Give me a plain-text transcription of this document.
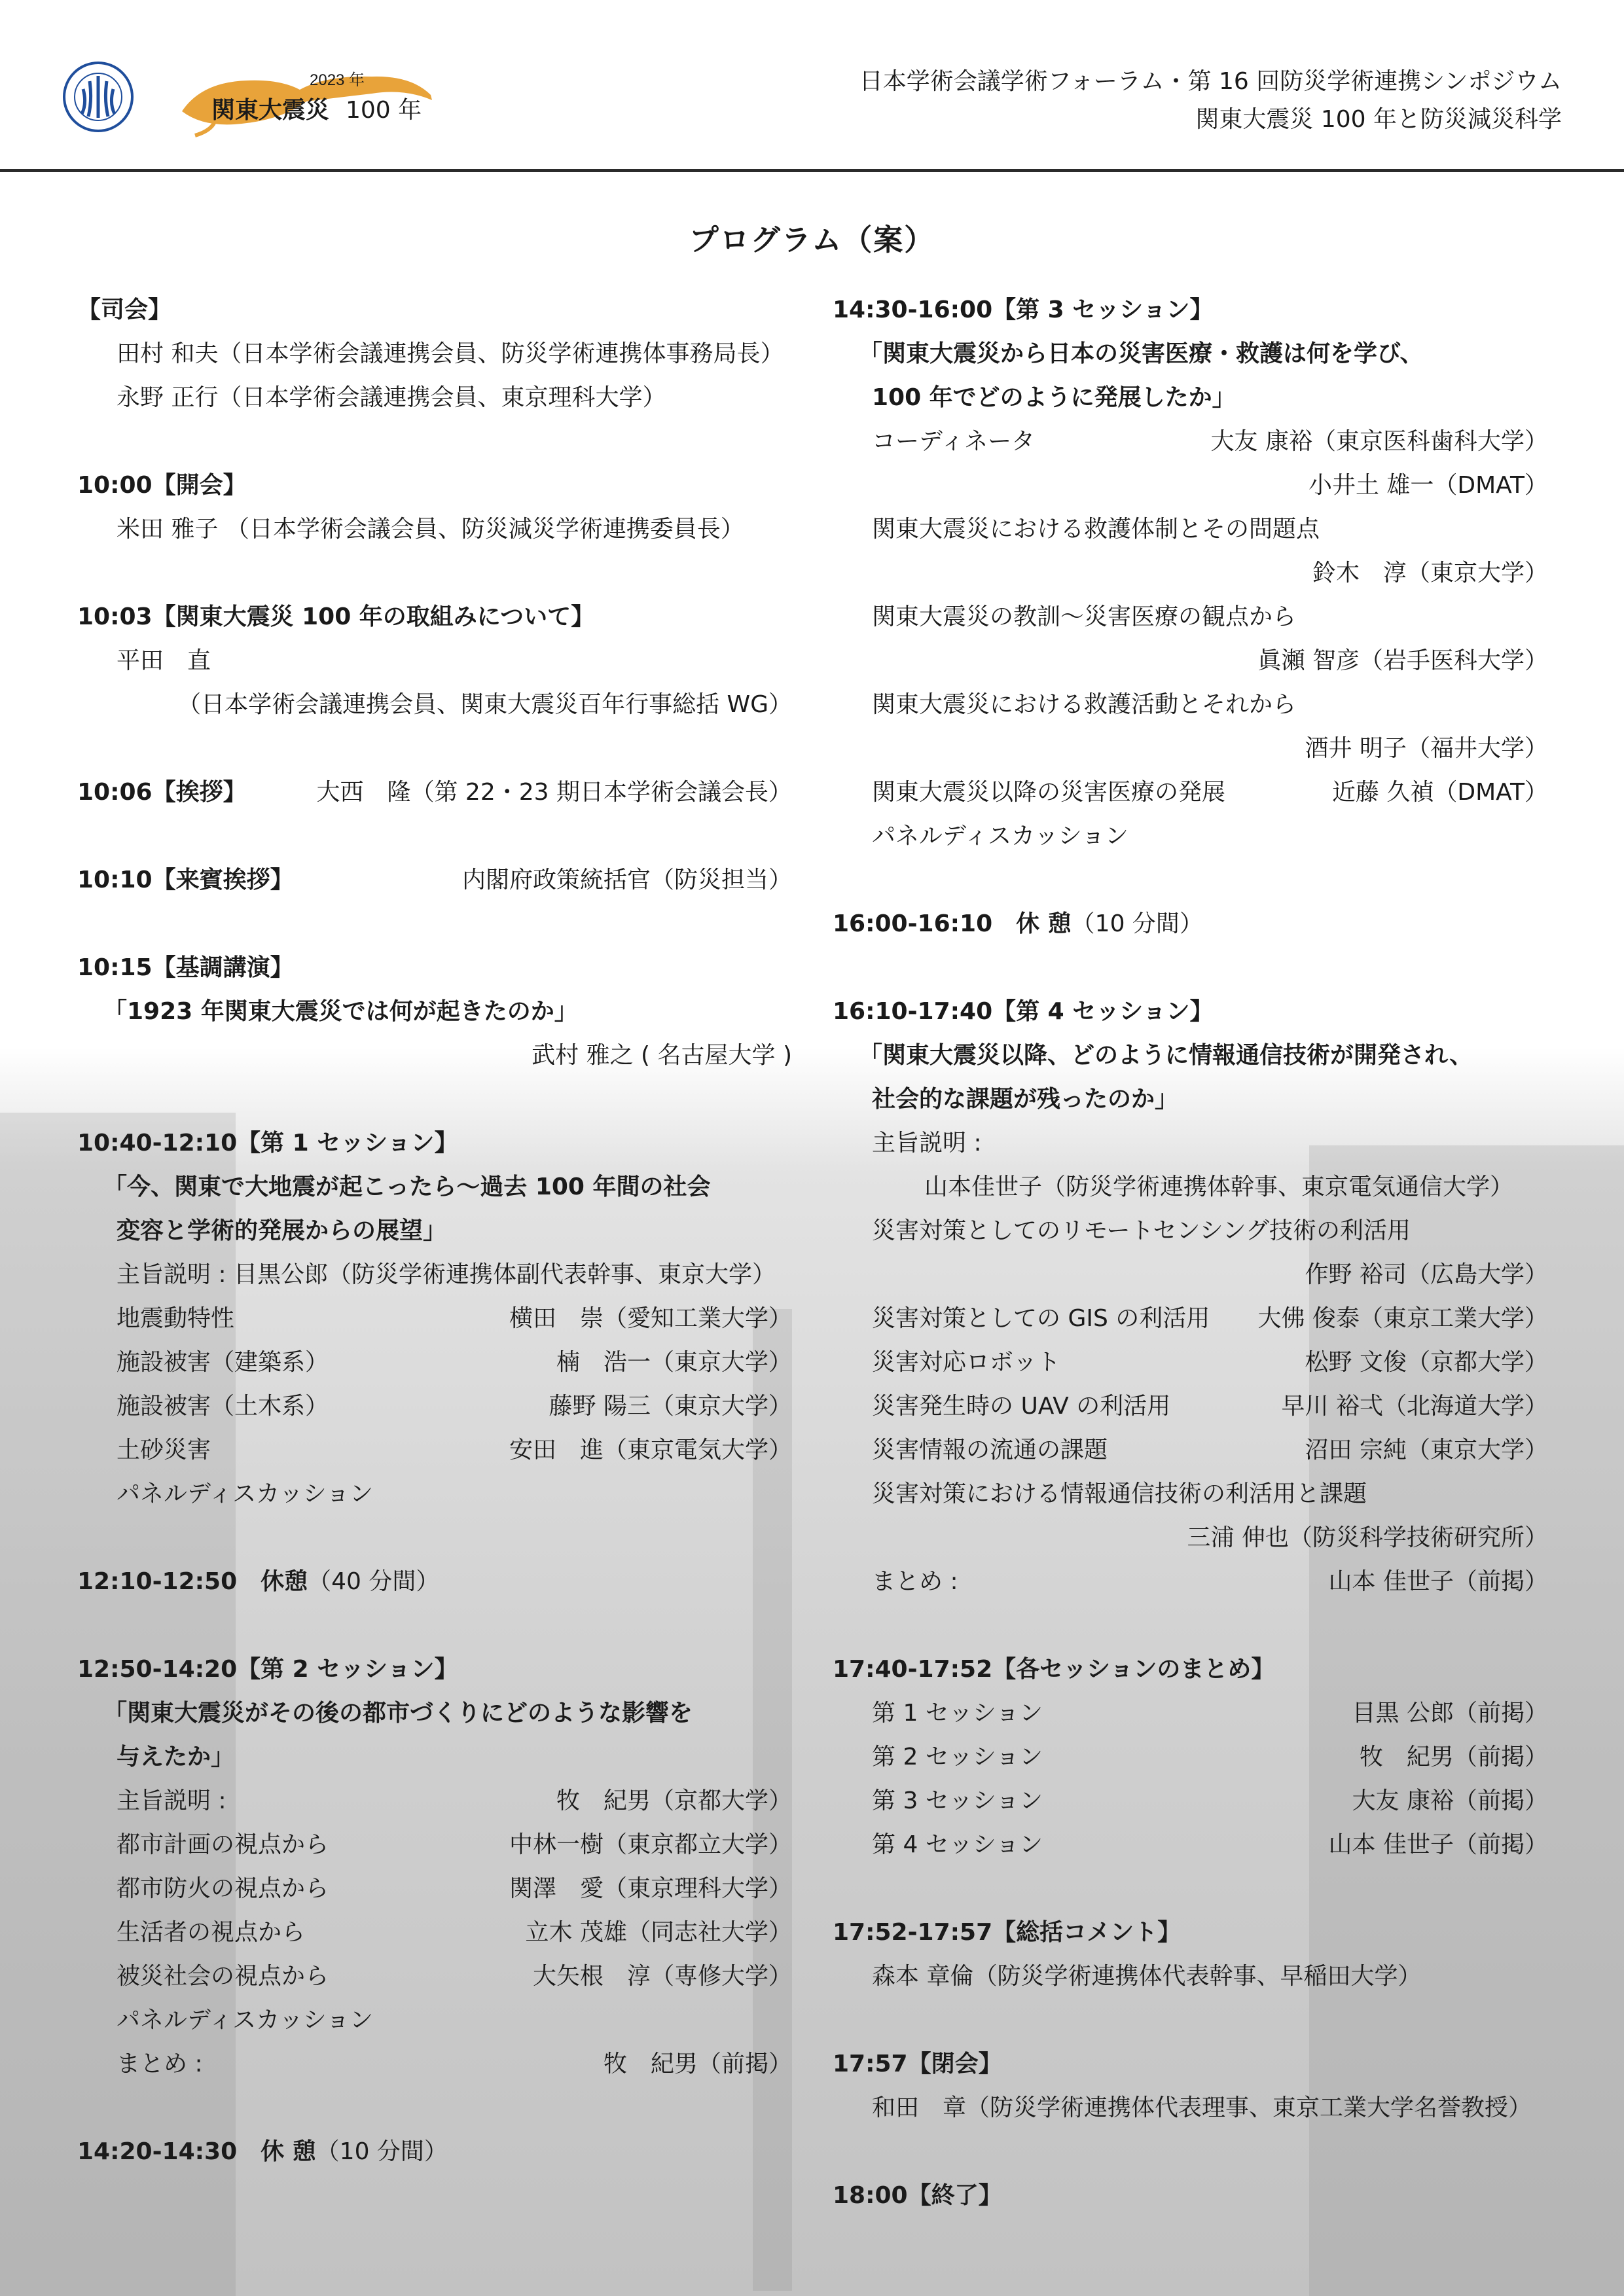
2023 年
関東大震災 100 年
日本学術会議学術フォーラム・第 16 回防災学術連携シンポジウム
関東大震災 100 年と防災減災科学
プログラム（案）
【司会】
田村 和夫（日本学術会議連携会員、防災学術連携体事務局長）
永野 正行（日本学術会議連携会員、東京理科大学）
10:00【開会】
米田 雅子 （日本学術会議会員、防災減災学術連携委員長）
10:03【関東大震災 100 年の取組みについて】
平田　直
（日本学術会議連携会員、関東大震災百年行事総括 WG）
10:06【挨拶】	大西　隆（第 22・23 期日本学術会議会長）
10:10【来賓挨拶】	内閣府政策統括官（防災担当）
10:15【基調講演】
「1923 年関東大震災では何が起きたのか」
武村 雅之 ( 名古屋大学 )
10:40-12:10【第 1 セッション】
「今、関東で大地震が起こったら～過去 100 年間の社会
変容と学術的発展からの展望」
主旨説明 : 目黒公郎（防災学術連携体副代表幹事、東京大学）
地震動特性	横田　崇（愛知工業大学）
施設被害（建築系）	楠　浩一（東京大学）
施設被害（土木系）	藤野 陽三（東京大学）
土砂災害	安田　進（東京電気大学）
パネルディスカッション
12:10-12:50　休憩（40 分間）
12:50-14:20【第 2 セッション】
「関東大震災がその後の都市づくりにどのような影響を
与えたか」
主旨説明 :	牧　紀男（京都大学）
都市計画の視点から	中林一樹（東京都立大学）
都市防火の視点から	関澤　愛（東京理科大学）
生活者の視点から	立木 茂雄（同志社大学）
被災社会の視点から	大矢根　淳（専修大学）
パネルディスカッション
まとめ :	牧　紀男（前掲）
14:20-14:30　休 憩（10 分間）
14:30-16:00【第 3 セッション】
「関東大震災から日本の災害医療・救護は何を学び、
100 年でどのように発展したか」
コーディネータ	大友 康裕（東京医科歯科大学）
小井土 雄一（DMAT）
関東大震災における救護体制とその問題点
鈴木　淳（東京大学）
関東大震災の教訓～災害医療の観点から
眞瀬 智彦（岩手医科大学）
関東大震災における救護活動とそれから
酒井 明子（福井大学）
関東大震災以降の災害医療の発展	近藤 久禎（DMAT）
パネルディスカッション
16:00-16:10　休 憩（10 分間）
16:10-17:40【第 4 セッション】
「関東大震災以降、どのように情報通信技術が開発され、
社会的な課題が残ったのか」
主旨説明 :
山本佳世子（防災学術連携体幹事、東京電気通信大学）
災害対策としてのリモートセンシング技術の利活用
作野 裕司（広島大学）
災害対策としての GIS の利活用 大佛 俊泰（東京工業大学）
災害対応ロボット	松野 文俊（京都大学）
災害発生時の UAV の利活用	早川 裕弌（北海道大学）
災害情報の流通の課題	沼田 宗純（東京大学）
災害対策における情報通信技術の利活用と課題
三浦 伸也（防災科学技術研究所）
まとめ :	山本 佳世子（前掲）
17:40-17:52【各セッションのまとめ】
第 1 セッション	目黒 公郎（前掲）
第 2 セッション	牧　紀男（前掲）
第 3 セッション	大友 康裕（前掲）
第 4 セッション	山本 佳世子（前掲）
17:52-17:57【総括コメント】
森本 章倫（防災学術連携体代表幹事、早稲田大学）
17:57【閉会】
和田　章（防災学術連携体代表理事、東京工業大学名誉教授）
18:00【終了】
